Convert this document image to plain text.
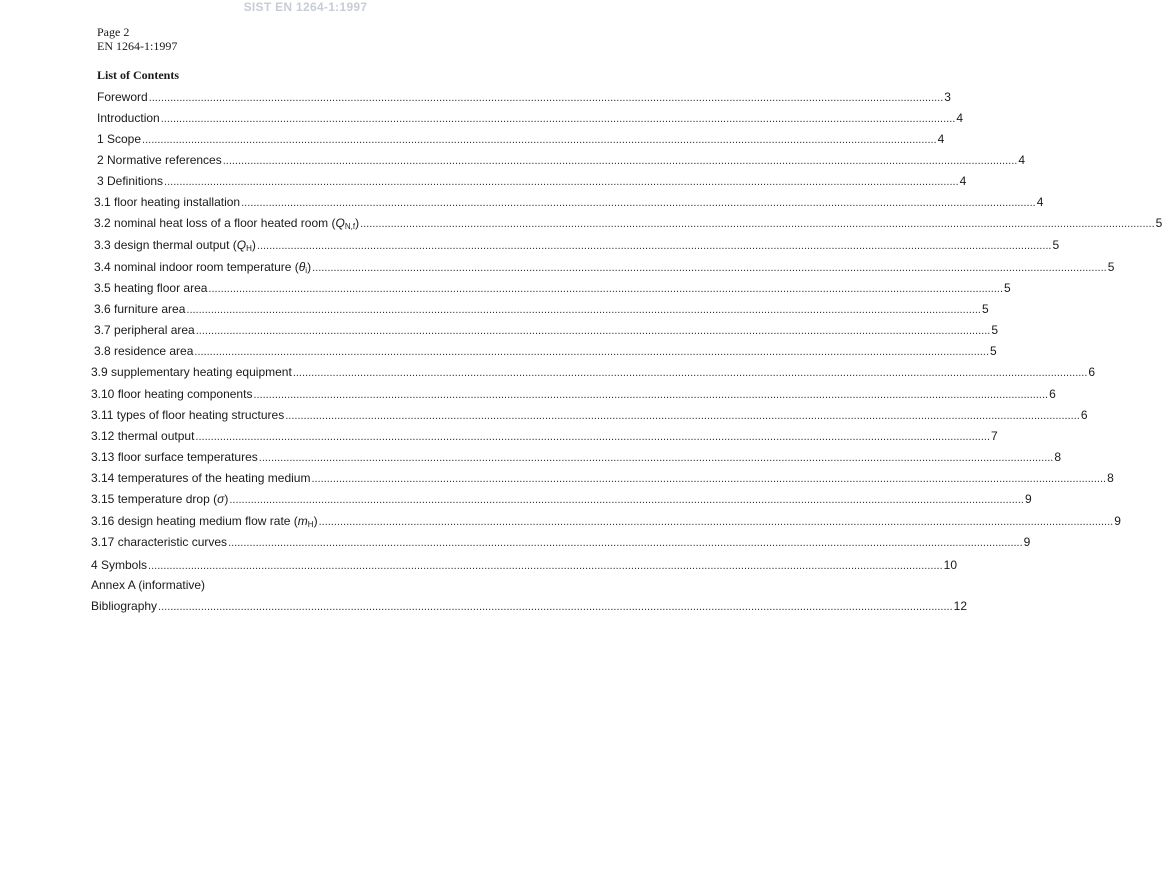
SIST EN 1264-1:1997
Page 2
EN 1264-1:1997
List of Contents
Foreword .................................................................................................................................................................................................................................................................... 3
Introduction .................................................................................................................................................................................................................................................................... 4
1 Scope .................................................................................................................................................................................................................................................................... 4
2 Normative references .................................................................................................................................................................................................................................................................... 4
3 Definitions .................................................................................................................................................................................................................................................................... 4
3.1 floor heating installation .................................................................................................................................................................................................................................................................... 4
3.2 nominal heat loss of a floor heated room $(Q_{N,f})$ .................................................................................................................................................................................................................................................................... 5
3.3 design thermal output $(Q_H)$ .................................................................................................................................................................................................................................................................... 5
3.4 nominal indoor room temperature $(\theta_i)$ .................................................................................................................................................................................................................................................................... 5
3.5 heating floor area .................................................................................................................................................................................................................................................................... 5
3.6 furniture area .................................................................................................................................................................................................................................................................... 5
3.7 peripheral area .................................................................................................................................................................................................................................................................... 5
3.8 residence area .................................................................................................................................................................................................................................................................... 5
3.9 supplementary heating equipment .................................................................................................................................................................................................................................................................... 6
3.10 floor heating components .................................................................................................................................................................................................................................................................... 6
3.11 types of floor heating structures .................................................................................................................................................................................................................................................................... 6
3.12 thermal output .................................................................................................................................................................................................................................................................... 7
3.13 floor surface temperatures .................................................................................................................................................................................................................................................................... 8
3.14 temperatures of the heating medium .................................................................................................................................................................................................................................................................... 8
3.15 temperature drop (σ) .................................................................................................................................................................................................................................................................... 9
3.16 design heating medium flow rate $(m_H)$ .................................................................................................................................................................................................................................................................... 9
3.17 characteristic curves .................................................................................................................................................................................................................................................................... 9
4 Symbols .................................................................................................................................................................................................................................................................... 10
Annex A (informative)
Bibliography .................................................................................................................................................................................................................................................................... 12
